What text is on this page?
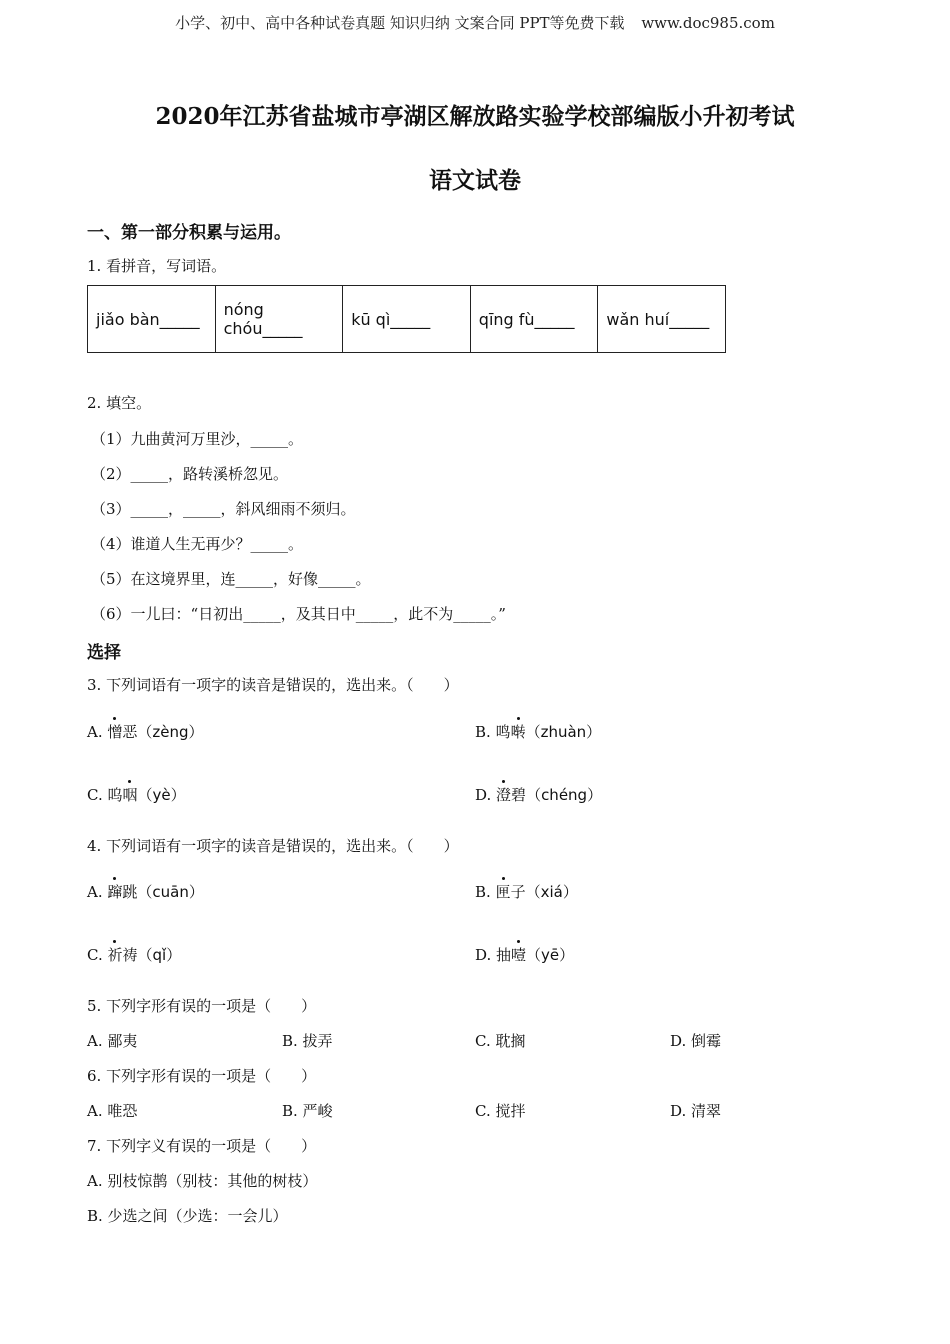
小学、初中、高中各种试卷真题 知识归纳 文案合同 PPT等免费下载 www.doc985.com
2020年江苏省盐城市亭湖区解放路实验学校部编版小升初考试
语文试卷
一、第一部分积累与运用。
1. 看拼音，写词语。
jiǎo bàn_____	nóng chóu_____	kū qì_____	qīng fù_____	wǎn huí_____
2. 填空。
（1）九曲黄河万里沙，_____。
（2）_____，路转溪桥忽见。
（3）_____，_____，斜风细雨不须归。
（4）谁道人生无再少？_____。
（5）在这境界里，连_____，好像_____。
（6）一儿曰：“日初出_____，及其日中_____，此不为_____。”
选择
3. 下列词语有一项字的读音是错误的，选出来。（　　）
A. 憎恶（zèng）	B. 鸣啭（zhuàn）
C. 呜咽（yè）	D. 澄碧（chéng）
4. 下列词语有一项字的读音是错误的，选出来。（　　）
A. 蹿跳（cuān）	B. 匣子（xiá）
C. 祈祷（qǐ）	D. 抽噎（yē）
5. 下列字形有误的一项是（　　）
A. 鄙夷	B. 拔弄	C. 耽搁	D. 倒霉
6. 下列字形有误的一项是（　　）
A. 唯恐	B. 严峻	C. 搅拌	D. 清翠
7. 下列字义有误的一项是（　　）
A. 别枝惊鹊（别枝：其他的树枝）
B. 少选之间（少选：一会儿）
